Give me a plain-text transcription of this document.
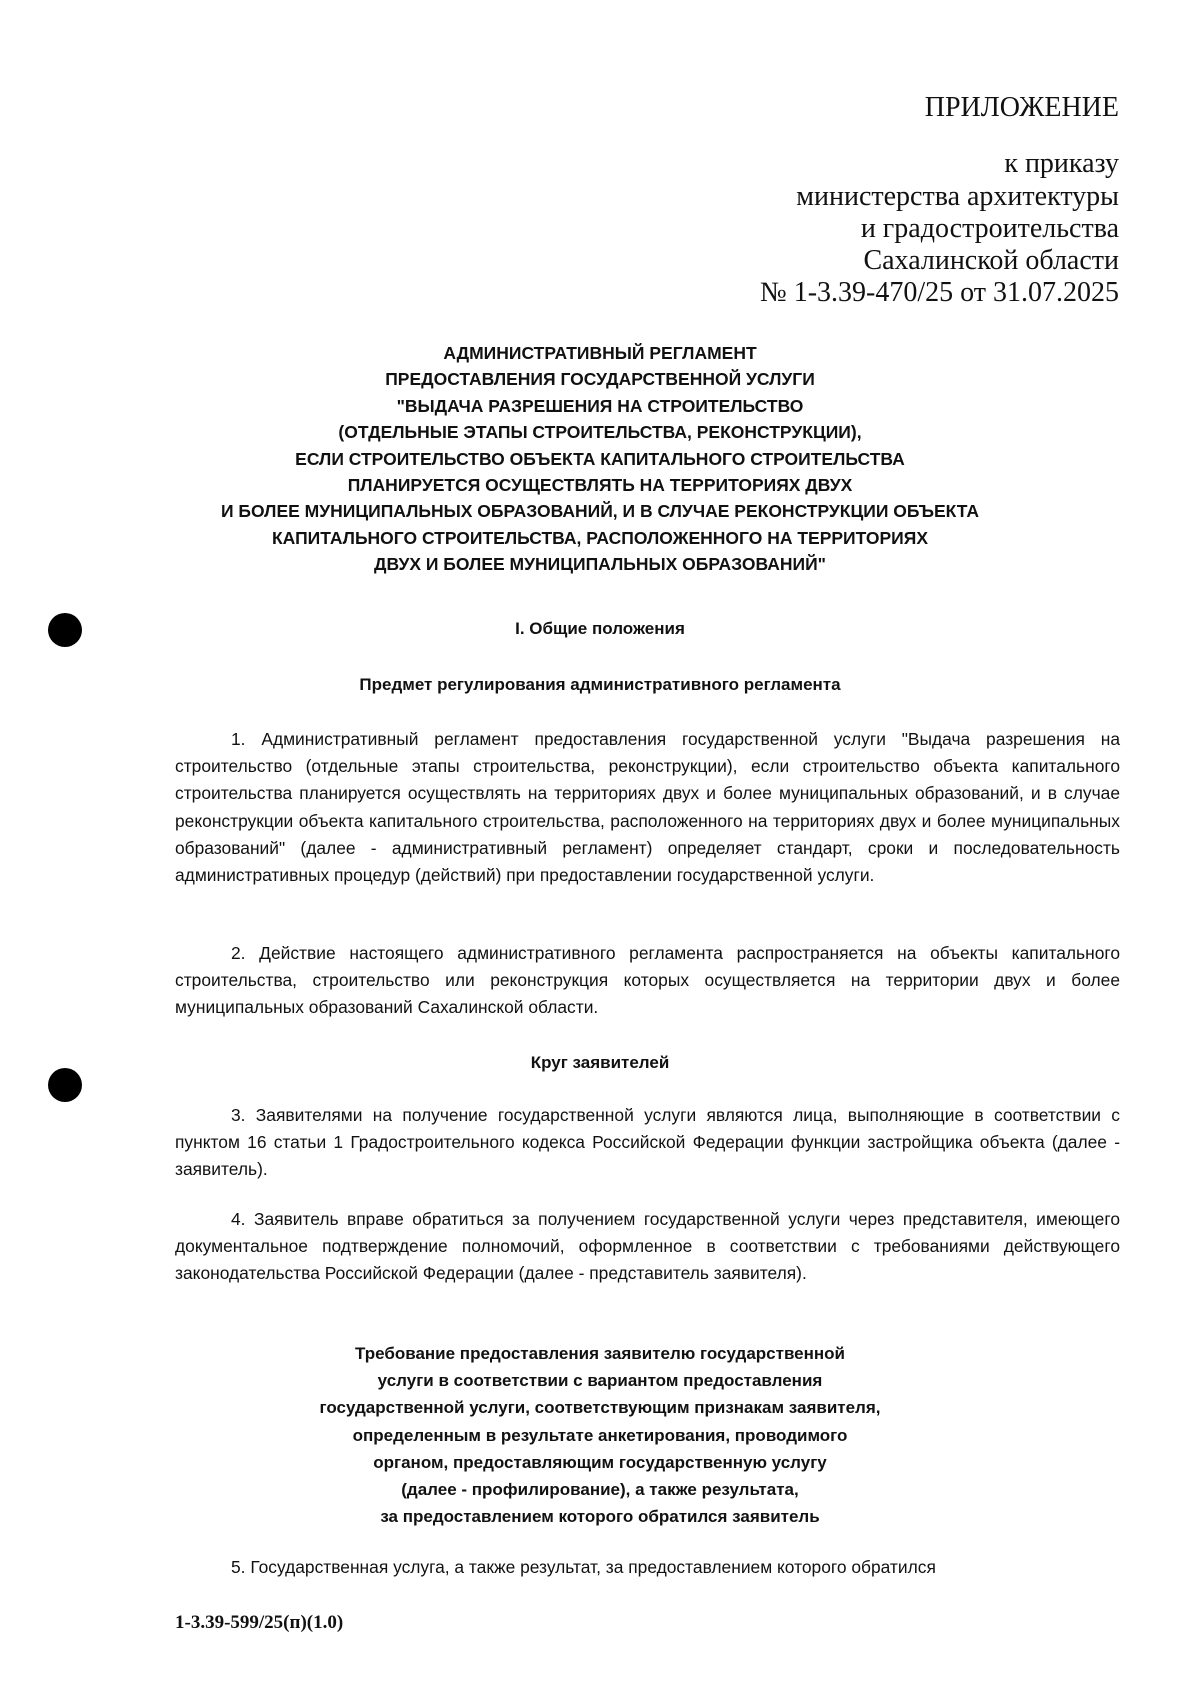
ПРИЛОЖЕНИЕ
к приказу
министерства архитектуры
и градостроительства
Сахалинской области
№ 1-3.39-470/25 от 31.07.2025
АДМИНИСТРАТИВНЫЙ РЕГЛАМЕНТ
ПРЕДОСТАВЛЕНИЯ ГОСУДАРСТВЕННОЙ УСЛУГИ
"ВЫДАЧА РАЗРЕШЕНИЯ НА СТРОИТЕЛЬСТВО
(ОТДЕЛЬНЫЕ ЭТАПЫ СТРОИТЕЛЬСТВА, РЕКОНСТРУКЦИИ),
ЕСЛИ СТРОИТЕЛЬСТВО ОБЪЕКТА КАПИТАЛЬНОГО СТРОИТЕЛЬСТВА
ПЛАНИРУЕТСЯ ОСУЩЕСТВЛЯТЬ НА ТЕРРИТОРИЯХ ДВУХ
И БОЛЕЕ МУНИЦИПАЛЬНЫХ ОБРАЗОВАНИЙ, И В СЛУЧАЕ РЕКОНСТРУКЦИИ ОБЪЕКТА
КАПИТАЛЬНОГО СТРОИТЕЛЬСТВА, РАСПОЛОЖЕННОГО НА ТЕРРИТОРИЯХ
ДВУХ И БОЛЕЕ МУНИЦИПАЛЬНЫХ ОБРАЗОВАНИЙ"
I. Общие положения
Предмет регулирования административного регламента
1. Административный регламент предоставления государственной услуги "Выдача разрешения на строительство (отдельные этапы строительства, реконструкции), если строительство объекта капитального строительства планируется осуществлять на территориях двух и более муниципальных образований, и в случае реконструкции объекта капитального строительства, расположенного на территориях двух и более муниципальных образований" (далее - административный регламент) определяет стандарт, сроки и последовательность административных процедур (действий) при предоставлении государственной услуги.
2. Действие настоящего административного регламента распространяется на объекты капитального строительства, строительство или реконструкция которых осуществляется на территории двух и более муниципальных образований Сахалинской области.
Круг заявителей
3. Заявителями на получение государственной услуги являются лица, выполняющие в соответствии с пунктом 16 статьи 1 Градостроительного кодекса Российской Федерации функции застройщика объекта (далее - заявитель).
4. Заявитель вправе обратиться за получением государственной услуги через представителя, имеющего документальное подтверждение полномочий, оформленное в соответствии с требованиями действующего законодательства Российской Федерации (далее - представитель заявителя).
Требование предоставления заявителю государственной
услуги в соответствии с вариантом предоставления
государственной услуги, соответствующим признакам заявителя,
определенным в результате анкетирования, проводимого
органом, предоставляющим государственную услугу
(далее - профилирование), а также результата,
за предоставлением которого обратился заявитель
5. Государственная услуга, а также результат, за предоставлением которого обратился
1-3.39-599/25(п)(1.0)
